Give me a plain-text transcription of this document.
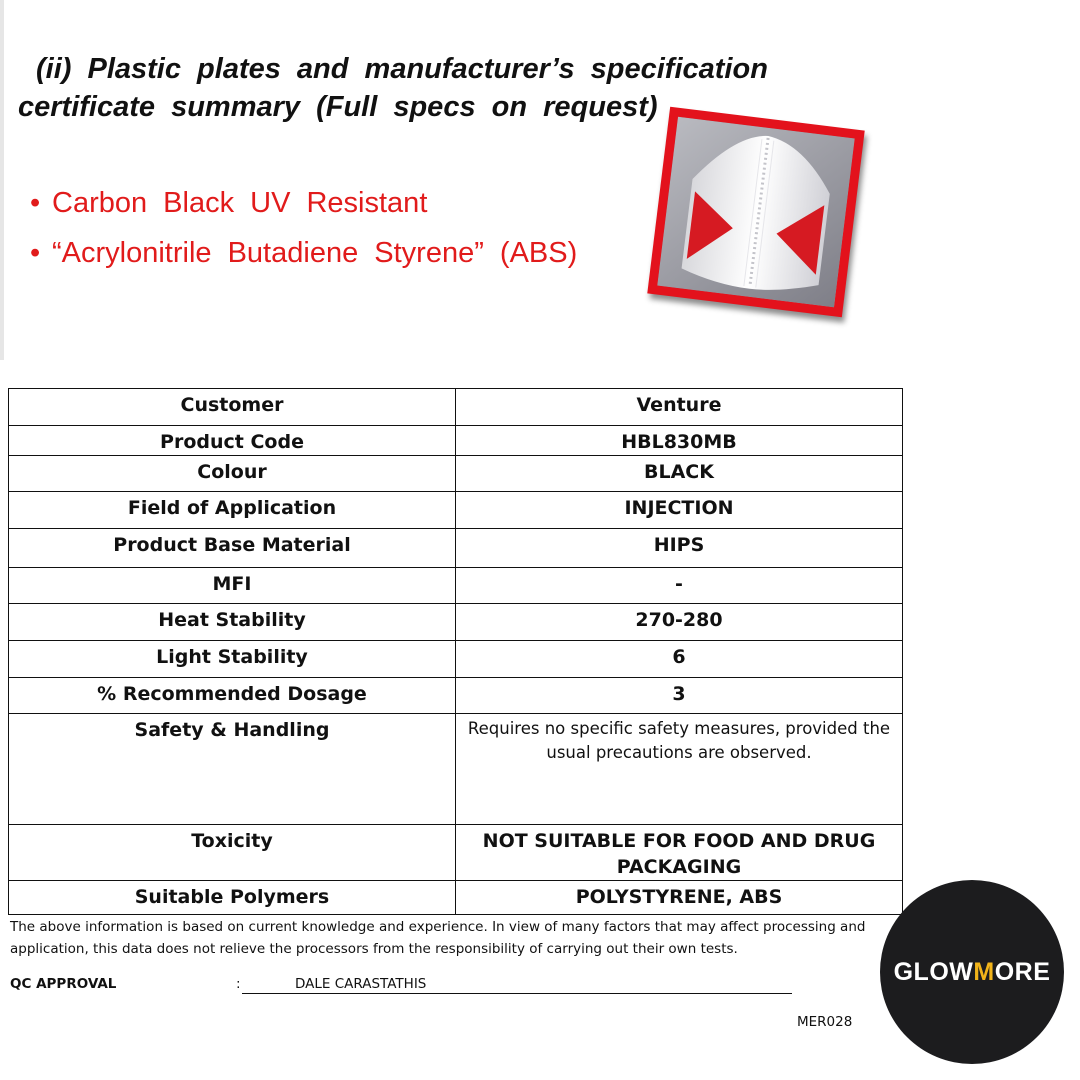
(ii) Plastic plates and manufacturer’s specification
certificate summary (Full specs on request)
• Carbon Black UV Resistant
• “Acrylonitrile Butadiene Styrene” (ABS)
Customer	Venture
Product Code	HBL830MB
Colour	BLACK
Field of Application	INJECTION
Product Base Material	HIPS
MFI	-
Heat Stability	270-280
Light Stability	6
% Recommended Dosage	3
Safety & Handling	Requires no specific safety measures, provided the usual precautions are observed.
Toxicity	NOT SUITABLE FOR FOOD AND DRUG PACKAGING
Suitable Polymers	POLYSTYRENE, ABS
The above information is based on current knowledge and experience. In view of many factors that may affect processing and application, this data does not relieve the processors from the responsibility of carrying out their own tests.
QC APPROVAL	:	DALE CARASTATHIS
MER028
GLOWMORE
